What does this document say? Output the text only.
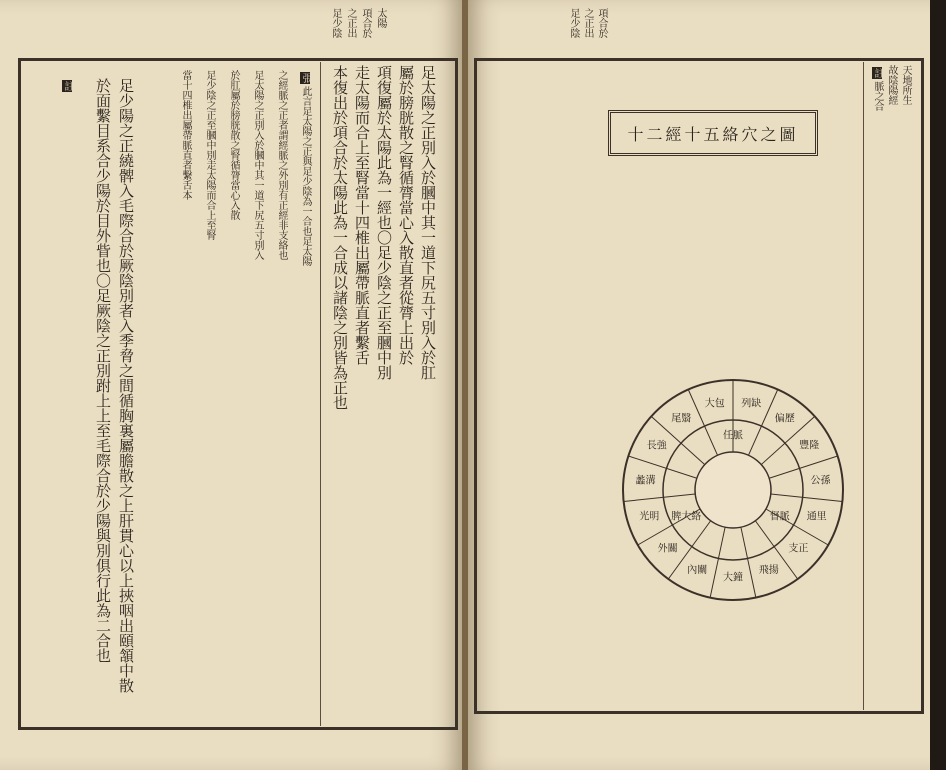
足少陰 之正出 項合於 太陽
足太陽之正別入於膕中其一道下尻五寸別入於肛
屬於膀胱散之腎循膂當心入散直者從膂上出於
項復屬於太陽此為一經也〇足少陰之正至膕中別
走太陽而合上至腎當十四椎出屬帶脈直者繫舌
本復出於項合於太陽此為一合成以諸陰之別皆為正也
張此言足太陽之正與足少陰為一合也足太陽
之經脈之正者謂經脈之外別有正經非支絡也
足太陽之正別入於膕中其一道下尻五寸別入
於肛屬於膀胱散之腎循膂當心入散
足少陰之正至膕中別走太陽而合上至腎
當十四椎出屬帶脈直者繫舌本
足少陽之正繞髀入毛際合於厥陰別者入季脅之間循胸裏屬膽散之上肝貫心以上挾咽出頤頷中散
於面繫目系合少陽於目外眥也〇足厥陰之正別跗上上至毛際合於少陽與別俱行此為二合也
註
足少陰 之正出 項合於
十二經十五絡穴之圖
天地所生
故陰陽經
註脈之合
列缺
偏歷
豐隆
公孫
通里
支正
飛揚
大鐘
內關
外關
光明
蠡溝
長強
尾翳
大包
任脈
督脈
脾大絡
